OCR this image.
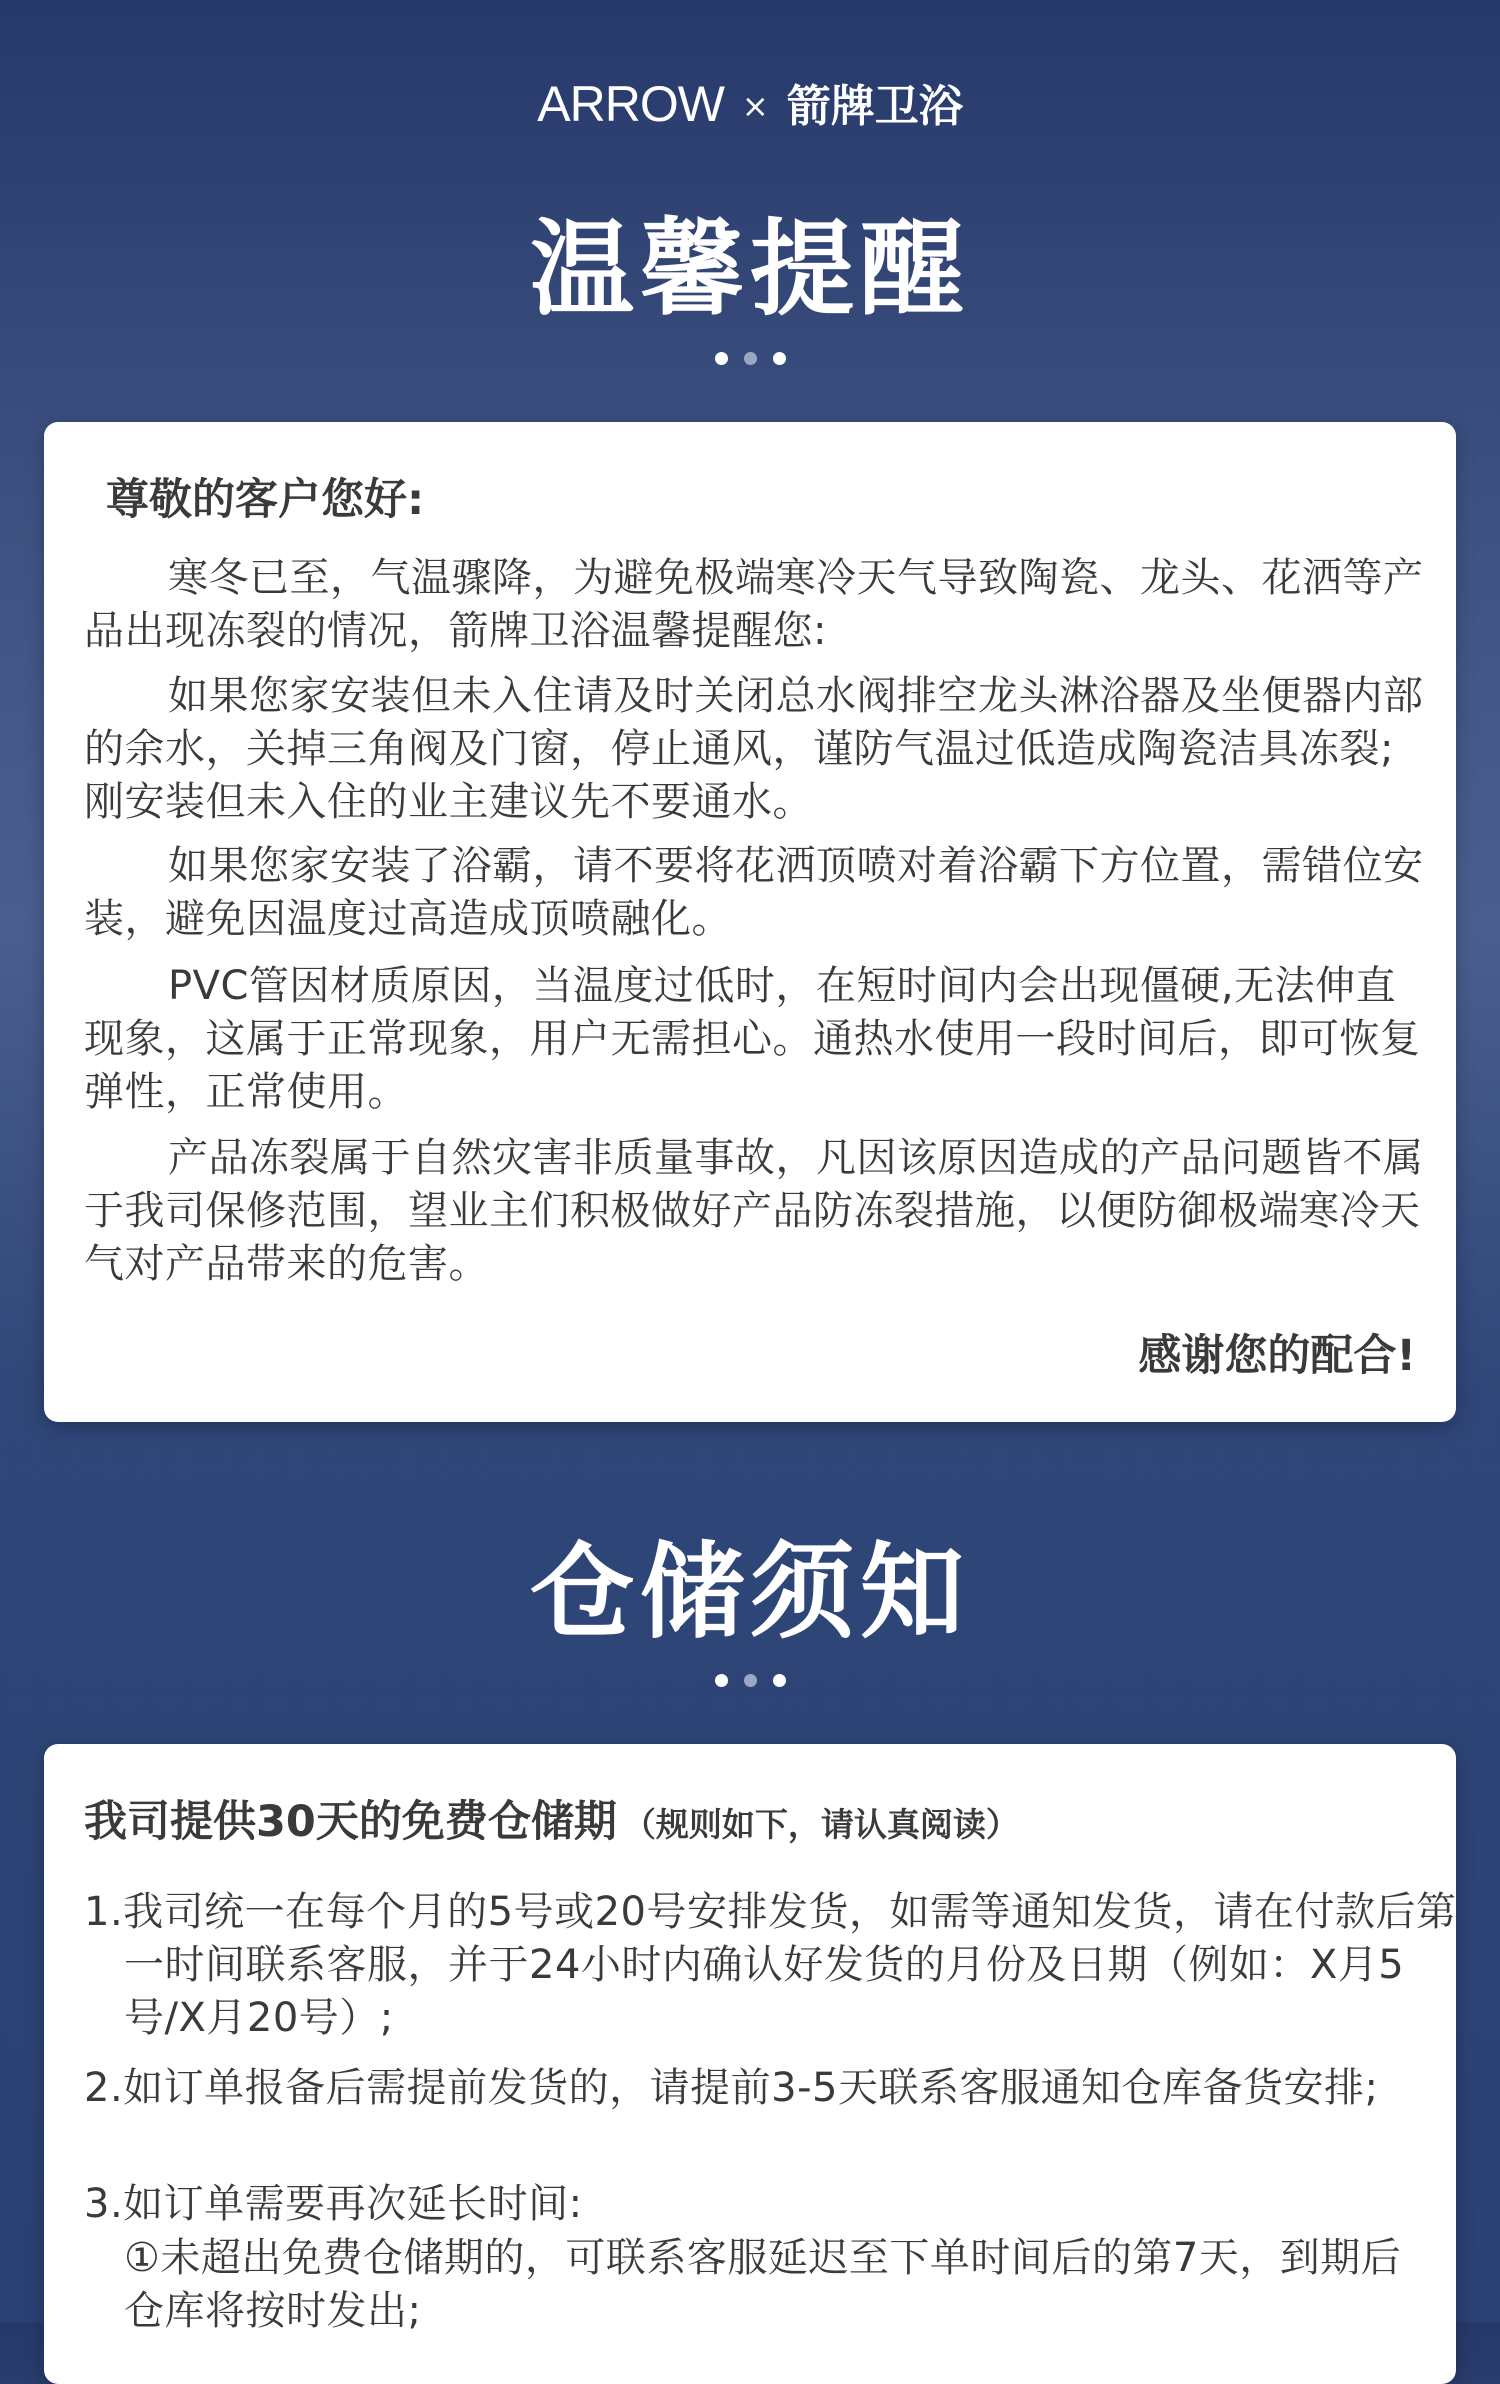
ARROW × 箭牌卫浴
温馨提醒
尊敬的客户您好:
寒冬已至，气温骤降，为避免极端寒冷天气导致陶瓷、龙头、花洒等产品出现冻裂的情况，箭牌卫浴温馨提醒您:
如果您家安装但未入住请及时关闭总水阀排空龙头淋浴器及坐便器内部的余水，关掉三角阀及门窗，停止通风，谨防气温过低造成陶瓷洁具冻裂;刚安装但未入住的业主建议先不要通水。
如果您家安装了浴霸，请不要将花洒顶喷对着浴霸下方位置，需错位安装，避免因温度过高造成顶喷融化。
PVC管因材质原因，当温度过低时，在短时间内会出现僵硬,无法伸直现象，这属于正常现象，用户无需担心。通热水使用一段时间后，即可恢复弹性，正常使用。
产品冻裂属于自然灾害非质量事故，凡因该原因造成的产品问题皆不属于我司保修范围，望业主们积极做好产品防冻裂措施，以便防御极端寒冷天气对产品带来的危害。
感谢您的配合!
仓储须知
我司提供30天的免费仓储期 （规则如下，请认真阅读）
1.我司统一在每个月的5号或20号安排发货，如需等通知发货，请在付款后第一时间联系客服，并于24小时内确认好发货的月份及日期（例如：X月5号/X月20号）;
2.如订单报备后需提前发货的，请提前3-5天联系客服通知仓库备货安排;
3.如订单需要再次延长时间:
①未超出免费仓储期的，可联系客服延迟至下单时间后的第7天，到期后仓库将按时发出;
